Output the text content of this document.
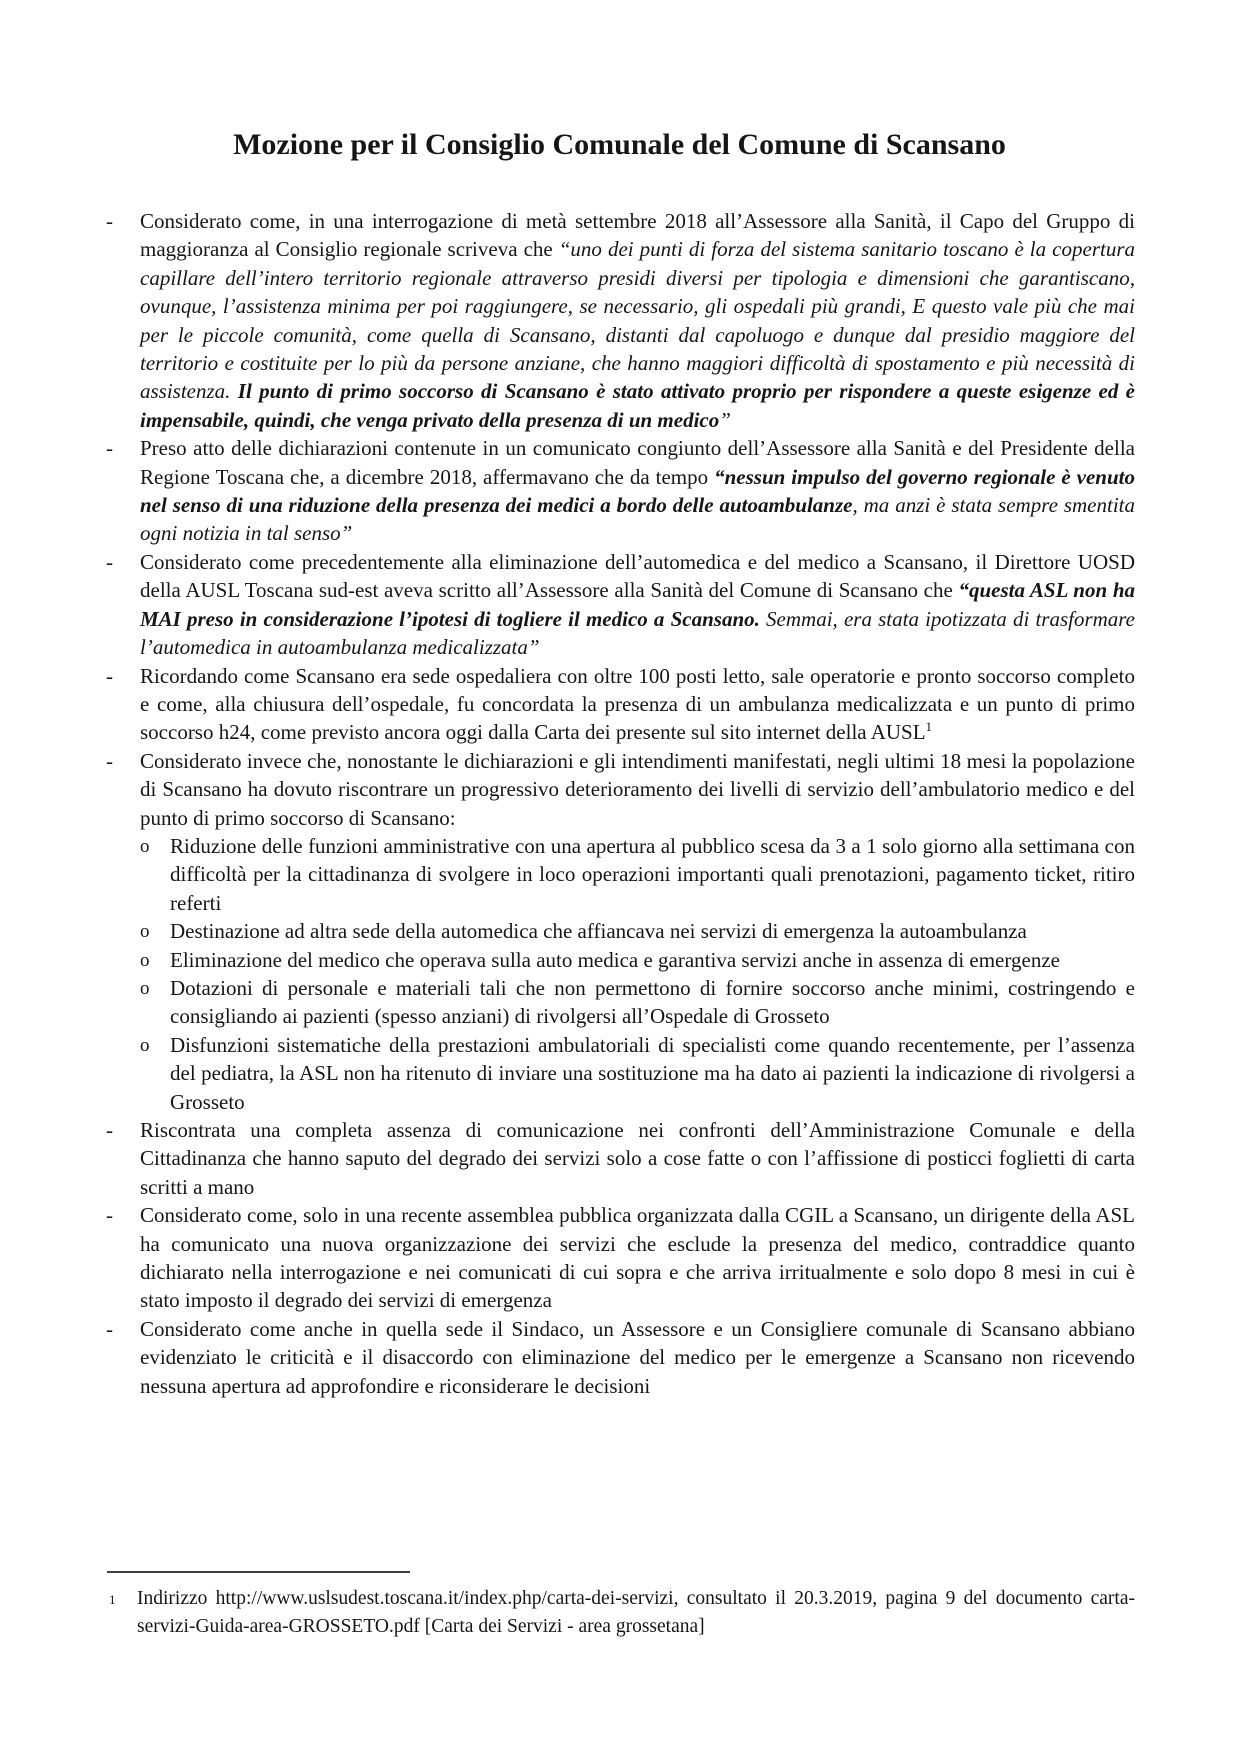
Mozione per il Consiglio Comunale del Comune di Scansano
- Considerato come, in una interrogazione di metà settembre 2018 all’Assessore alla Sanità, il Capo del Gruppo di maggioranza al Consiglio regionale scriveva che “uno dei punti di forza del sistema sanitario toscano è la copertura capillare dell’intero territorio regionale attraverso presidi diversi per tipologia e dimensioni che garantiscano, ovunque, l’assistenza minima per poi raggiungere, se necessario, gli ospedali più grandi, E questo vale più che mai per le piccole comunità, come quella di Scansano, distanti dal capoluogo e dunque dal presidio maggiore del territorio e costituite per lo più da persone anziane, che hanno maggiori difficoltà di spostamento e più necessità di assistenza. Il punto di primo soccorso di Scansano è stato attivato proprio per rispondere a queste esigenze ed è impensabile, quindi, che venga privato della presenza di un medico”
- Preso atto delle dichiarazioni contenute in un comunicato congiunto dell’Assessore alla Sanità e del Presidente della Regione Toscana che, a dicembre 2018, affermavano che da tempo “nessun impulso del governo regionale è venuto nel senso di una riduzione della presenza dei medici a bordo delle autoambulanze, ma anzi è stata sempre smentita ogni notizia in tal senso”
- Considerato come precedentemente alla eliminazione dell’automedica e del medico a Scansano, il Direttore UOSD della AUSL Toscana sud-est aveva scritto all’Assessore alla Sanità del Comune di Scansano che “questa ASL non ha MAI preso in considerazione l’ipotesi di togliere il medico a Scansano. Semmai, era stata ipotizzata di trasformare l’automedica in autoambulanza medicalizzata”
- Ricordando come Scansano era sede ospedaliera con oltre 100 posti letto, sale operatorie e pronto soccorso completo e come, alla chiusura dell’ospedale, fu concordata la presenza di un ambulanza medicalizzata e un punto di primo soccorso h24, come previsto ancora oggi dalla Carta dei presente sul sito internet della AUSL$^1$
- Considerato invece che, nonostante le dichiarazioni e gli intendimenti manifestati, negli ultimi 18 mesi la popolazione di Scansano ha dovuto riscontrare un progressivo deterioramento dei livelli di servizio dell’ambulatorio medico e del punto di primo soccorso di Scansano:
o Riduzione delle funzioni amministrative con una apertura al pubblico scesa da 3 a 1 solo giorno alla settimana con difficoltà per la cittadinanza di svolgere in loco operazioni importanti quali prenotazioni, pagamento ticket, ritiro referti
o Destinazione ad altra sede della automedica che affiancava nei servizi di emergenza la autoambulanza
o Eliminazione del medico che operava sulla auto medica e garantiva servizi anche in assenza di emergenze
o Dotazioni di personale e materiali tali che non permettono di fornire soccorso anche minimi, costringendo e consigliando ai pazienti (spesso anziani) di rivolgersi all’Ospedale di Grosseto
o Disfunzioni sistematiche della prestazioni ambulatoriali di specialisti come quando recentemente, per l’assenza del pediatra, la ASL non ha ritenuto di inviare una sostituzione ma ha dato ai pazienti la indicazione di rivolgersi a Grosseto
- Riscontrata una completa assenza di comunicazione nei confronti dell’Amministrazione Comunale e della Cittadinanza che hanno saputo del degrado dei servizi solo a cose fatte o con l’affissione di posticci foglietti di carta scritti a mano
- Considerato come, solo in una recente assemblea pubblica organizzata dalla CGIL a Scansano, un dirigente della ASL ha comunicato una nuova organizzazione dei servizi che esclude la presenza del medico, contraddice quanto dichiarato nella interrogazione e nei comunicati di cui sopra e che arriva irritualmente e solo dopo 8 mesi in cui è stato imposto il degrado dei servizi di emergenza
- Considerato come anche in quella sede il Sindaco, un Assessore e un Consigliere comunale di Scansano abbiano evidenziato le criticità e il disaccordo con eliminazione del medico per le emergenze a Scansano non ricevendo nessuna apertura ad approfondire e riconsiderare le decisioni
1 Indirizzo http://www.uslsudest.toscana.it/index.php/carta-dei-servizi, consultato il 20.3.2019, pagina 9 del documento carta-servizi-Guida-area-GROSSETO.pdf [Carta dei Servizi - area grossetana]
